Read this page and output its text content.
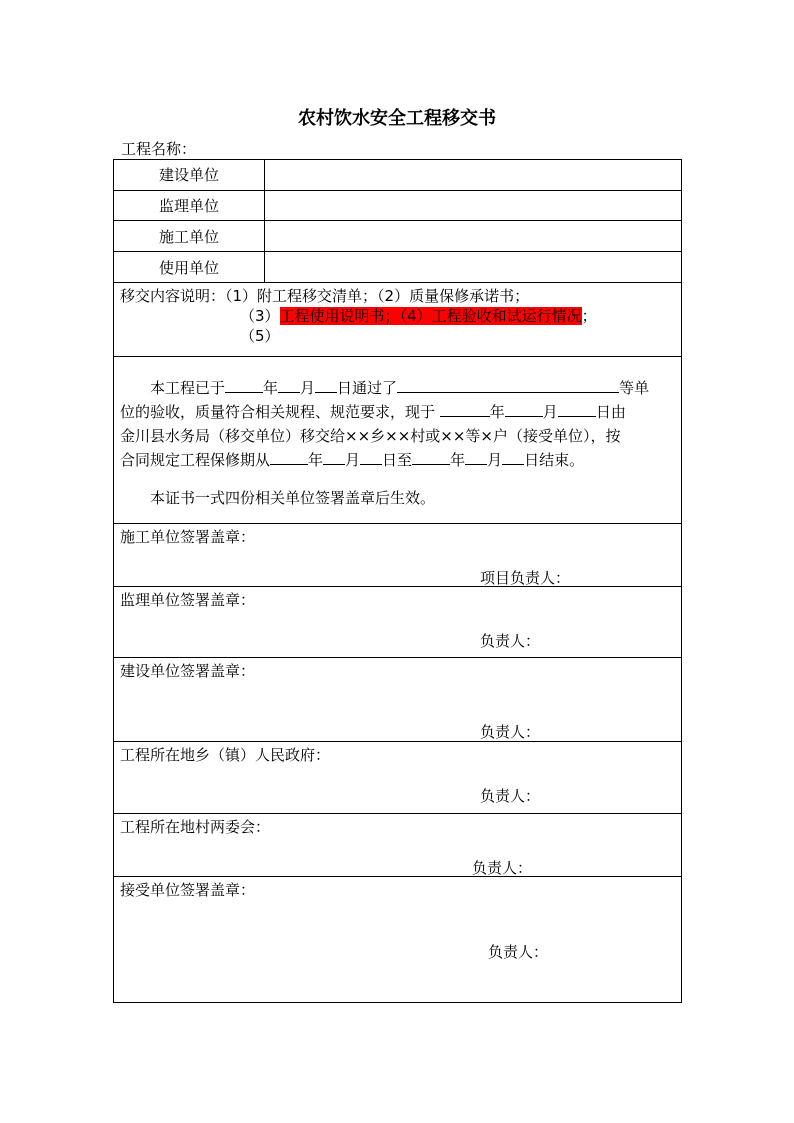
农村饮水安全工程移交书
工程名称：
建设单位
监理单位
施工单位
使用单位
移交内容说明：（1）附工程移交清单；（2）质量保修承诺书；
（3）工程使用说明书；（4）工程验收和试运行情况；
（5）
本工程已于	年 月 日通过了	等单
位的验收，质量符合相关规程、规范要求，现于	年	月	日由
金川县水务局（移交单位）移交给××乡××村或××等×户（接受单位），按
合同规定工程保修期从	年 月 日至	年 月 日结束。
本证书一式四份相关单位签署盖章后生效。
施工单位签署盖章：
项目负责人：
监理单位签署盖章：
负责人：
建设单位签署盖章：
负责人：
工程所在地乡（镇）人民政府：
负责人：
工程所在地村两委会：
负责人：
接受单位签署盖章：
负责人：
